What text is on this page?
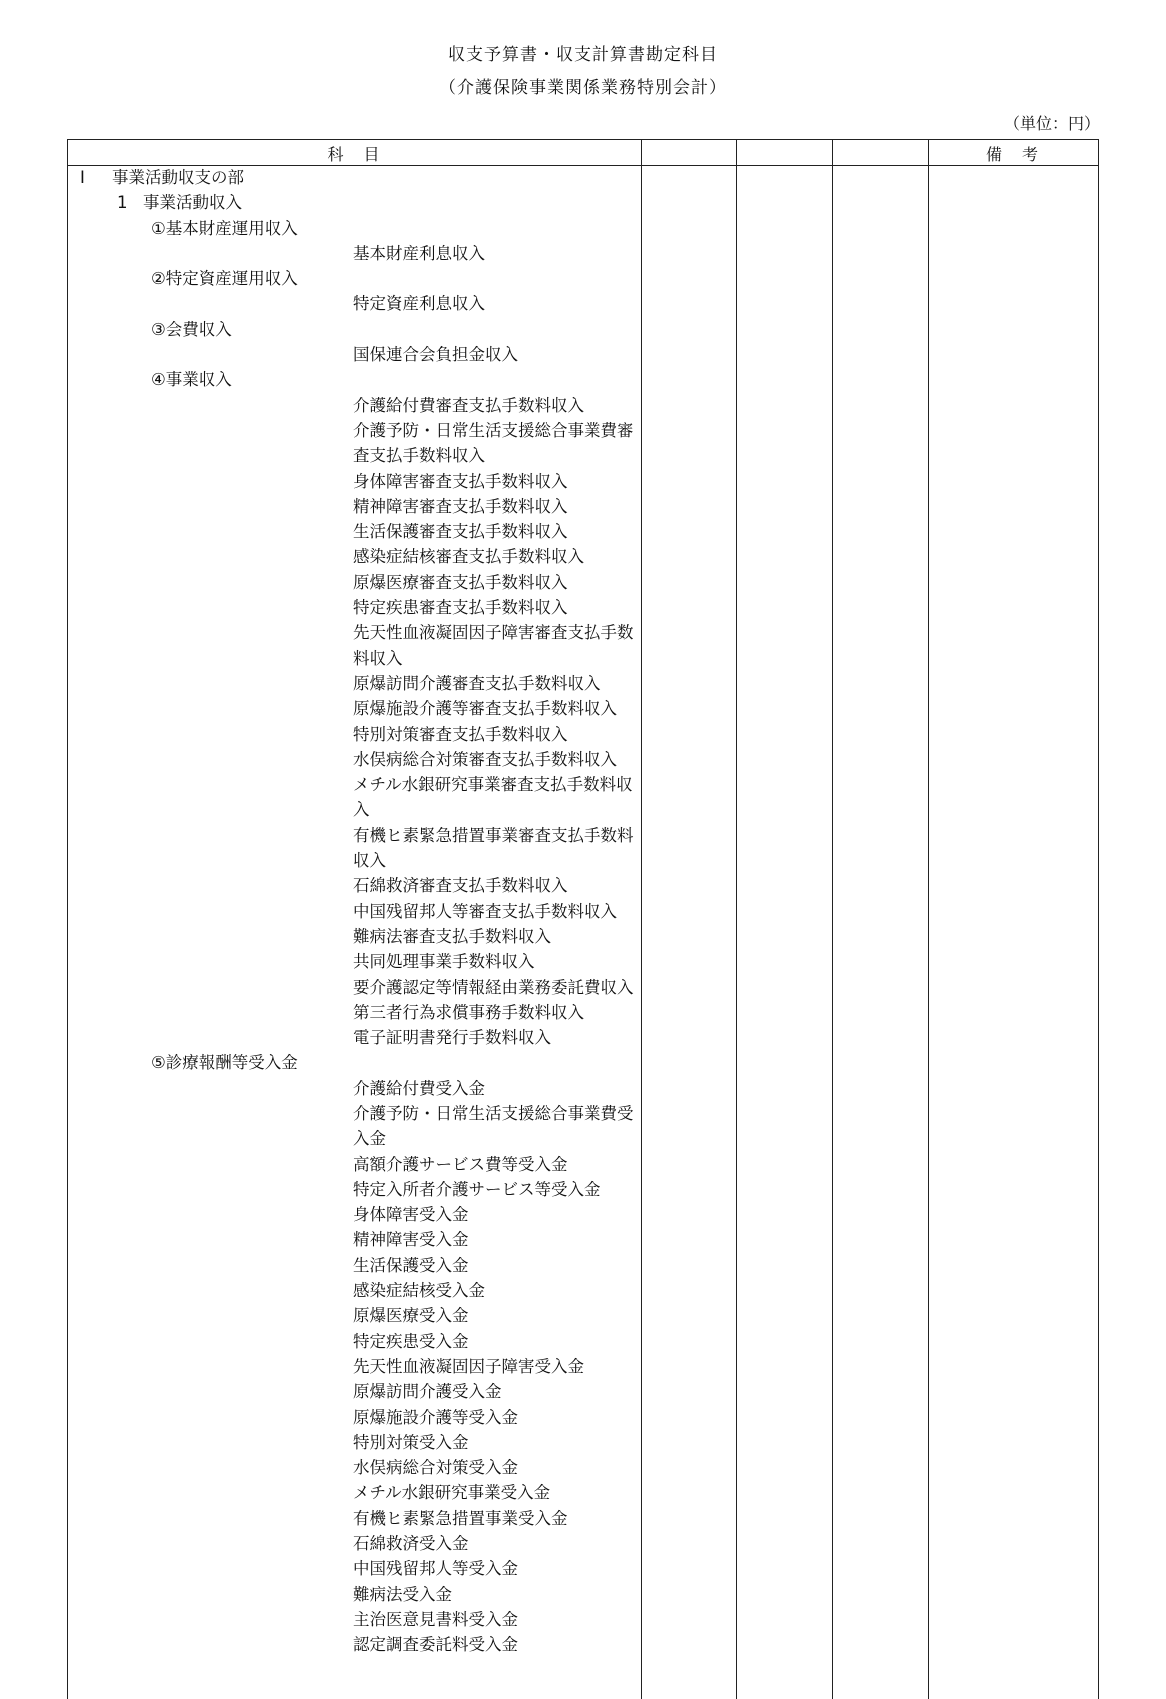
収支予算書・収支計算書勘定科目
（介護保険事業関係業務特別会計）
（単位：円）
科　目	備　考
Ⅰ 事業活動収支の部
1 事業活動収入
①基本財産運用収入
基本財産利息収入
②特定資産運用収入
特定資産利息収入
③会費収入
国保連合会負担金収入
④事業収入
介護給付費審査支払手数料収入
介護予防・日常生活支援総合事業費審
査支払手数料収入
身体障害審査支払手数料収入
精神障害審査支払手数料収入
生活保護審査支払手数料収入
感染症結核審査支払手数料収入
原爆医療審査支払手数料収入
特定疾患審査支払手数料収入
先天性血液凝固因子障害審査支払手数
料収入
原爆訪問介護審査支払手数料収入
原爆施設介護等審査支払手数料収入
特別対策審査支払手数料収入
水俣病総合対策審査支払手数料収入
メチル水銀研究事業審査支払手数料収
入
有機ヒ素緊急措置事業審査支払手数料
収入
石綿救済審査支払手数料収入
中国残留邦人等審査支払手数料収入
難病法審査支払手数料収入
共同処理事業手数料収入
要介護認定等情報経由業務委託費収入
第三者行為求償事務手数料収入
電子証明書発行手数料収入
⑤診療報酬等受入金
介護給付費受入金
介護予防・日常生活支援総合事業費受
入金
高額介護サービス費等受入金
特定入所者介護サービス等受入金
身体障害受入金
精神障害受入金
生活保護受入金
感染症結核受入金
原爆医療受入金
特定疾患受入金
先天性血液凝固因子障害受入金
原爆訪問介護受入金
原爆施設介護等受入金
特別対策受入金
水俣病総合対策受入金
メチル水銀研究事業受入金
有機ヒ素緊急措置事業受入金
石綿救済受入金
中国残留邦人等受入金
難病法受入金
主治医意見書料受入金
認定調査委託料受入金
